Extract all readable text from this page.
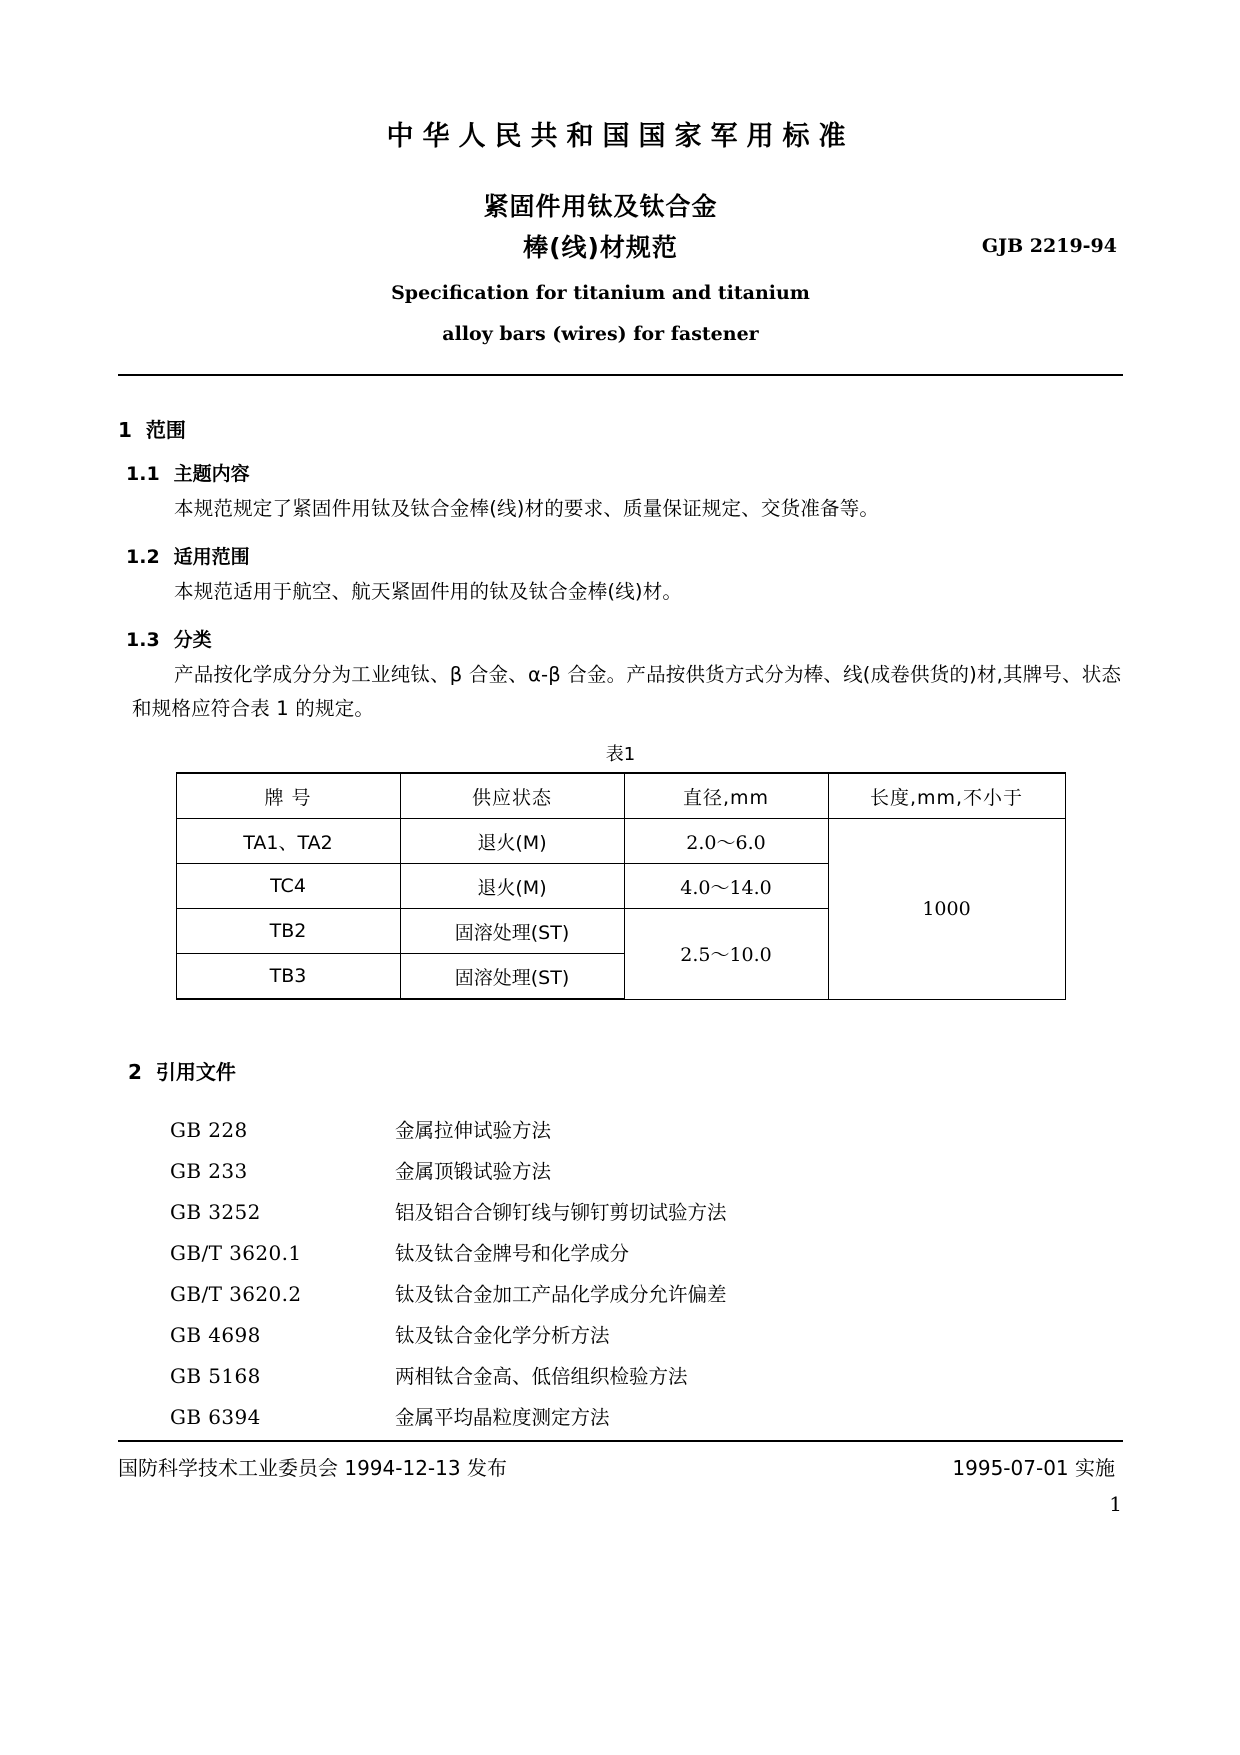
中华人民共和国国家军用标准
紧固件用钛及钛合金
棒(线)材规范	GJB 2219-94
Specification for titanium and titanium
alloy bars (wires) for fastener
1 范围
1.1 主题内容

本规范规定了紧固件用钛及钛合金棒(线)材的要求、质量保证规定、交货准备等。

1.2 适用范围

本规范适用于航空、航天紧固件用的钛及钛合金棒(线)材。

1.3 分类

产品按化学成分分为工业纯钛、β 合金、α-β 合金。产品按供货方式分为棒、线(成卷供货的)材,其牌号、状态和规格应符合表 1 的规定。

表1
牌 号	供应状态	直径,mm	长度,mm,不小于
TA1、TA2	退火(M)	2.0～6.0	1000
TC4	退火(M)	4.0～14.0	
TB2	固溶处理(ST)	2.5～10.0	
TB3	固溶处理(ST)		
2 引用文件
GB 228	金属拉伸试验方法
GB 233	金属顶锻试验方法
GB 3252	铝及铝合合铆钉线与铆钉剪切试验方法
GB/T 3620.1	钛及钛合金牌号和化学成分
GB/T 3620.2	钛及钛合金加工产品化学成分允许偏差
GB 4698	钛及钛合金化学分析方法
GB 5168	两相钛合金高、低倍组织检验方法
GB 6394	金属平均晶粒度测定方法
国防科学技术工业委员会 1994-12-13 发布	1995-07-01 实施
1
